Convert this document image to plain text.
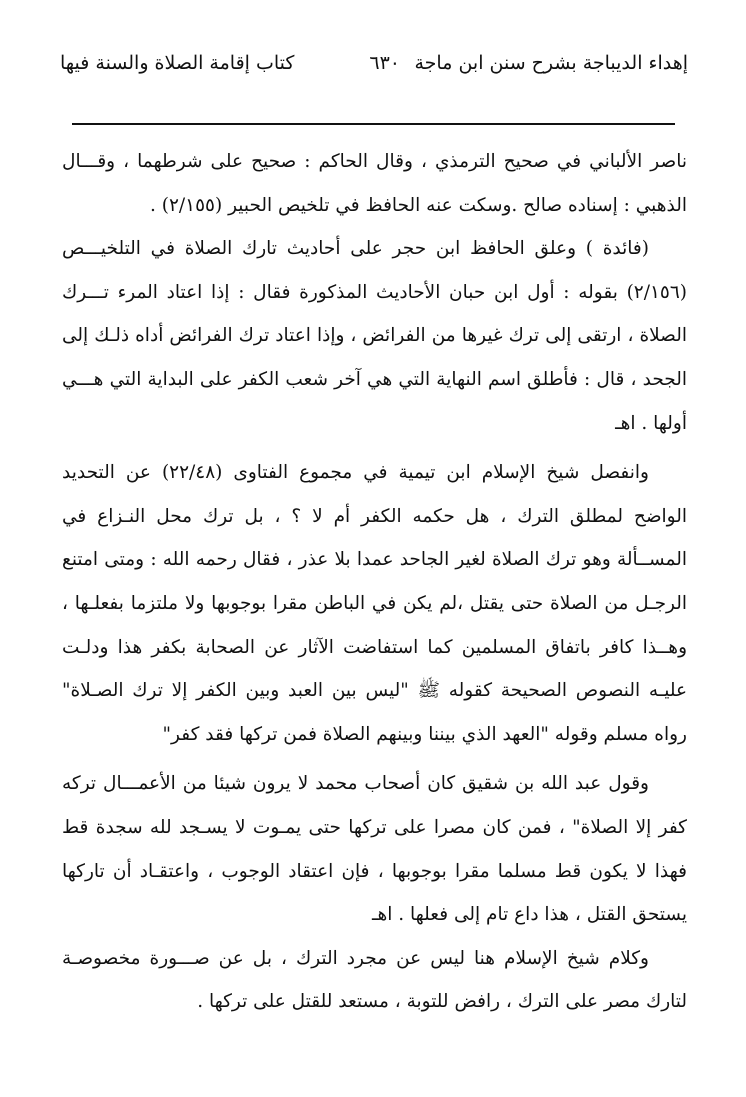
إهداء الديباجة بشرح سنن ابن ماجة
٦٣٠
كتاب إقامة الصلاة والسنة فيها

ناصر الألباني في صحيح الترمذي ، وقال الحاكم : صحيح على شرطهما ، وقـــال الذهبي : إسناده صالح .وسكت عنه الحافظ في تلخيص الحبير (٢/١٥٥) .

(فائدة ) وعلق الحافظ ابن حجر على أحاديث تارك الصلاة في التلخيـــص (٢/١٥٦) بقوله : أول ابن حبان الأحاديث المذكورة فقال : إذا اعتاد المرء تـــرك الصلاة ، ارتقى إلى ترك غيرها من الفرائض ، وإذا اعتاد ترك الفرائض أداه ذلـك إلى الجحد ، قال : فأطلق اسم النهاية التي هي آخر شعب الكفر على البداية التي هـــي أولها . اهـ

وانفصل شيخ الإسلام ابن تيمية في مجموع الفتاوى (٢٢/٤٨) عن التحديد الواضح لمطلق الترك ، هل حكمه الكفر أم لا ؟ ، بل ترك محل النـزاع في المســألة وهو ترك الصلاة لغير الجاحد عمدا بلا عذر ، فقال رحمه الله : ومتى امتنع الرجـل من الصلاة حتى يقتل ،لم يكن في الباطن مقرا بوجوبها ولا ملتزما بفعلـها ، وهــذا كافر باتفاق المسلمين كما استفاضت الآثار عن الصحابة بكفر هذا ودلـت عليـه النصوص الصحيحة كقوله ﷺ "ليس بين العبد وبين الكفر إلا ترك الصـلاة" رواه مسلم وقوله "العهد الذي بيننا وبينهم الصلاة فمن تركها فقد كفر"

وقول عبد الله بن شقيق كان أصحاب محمد لا يرون شيئا من الأعمـــال تركه كفر إلا الصلاة" ، فمن كان مصرا على تركها حتى يمـوت لا يسـجد لله سجدة قط فهذا لا يكون قط مسلما مقرا بوجوبها ، فإن اعتقاد الوجوب ، واعتقـاد أن تاركها يستحق القتل ، هذا داع تام إلى فعلها . اهـ

وكلام شيخ الإسلام هنا ليس عن مجرد الترك ، بل عن صـــورة مخصوصـة لتارك مصر على الترك ، رافض للتوبة ، مستعد للقتل على تركها .
